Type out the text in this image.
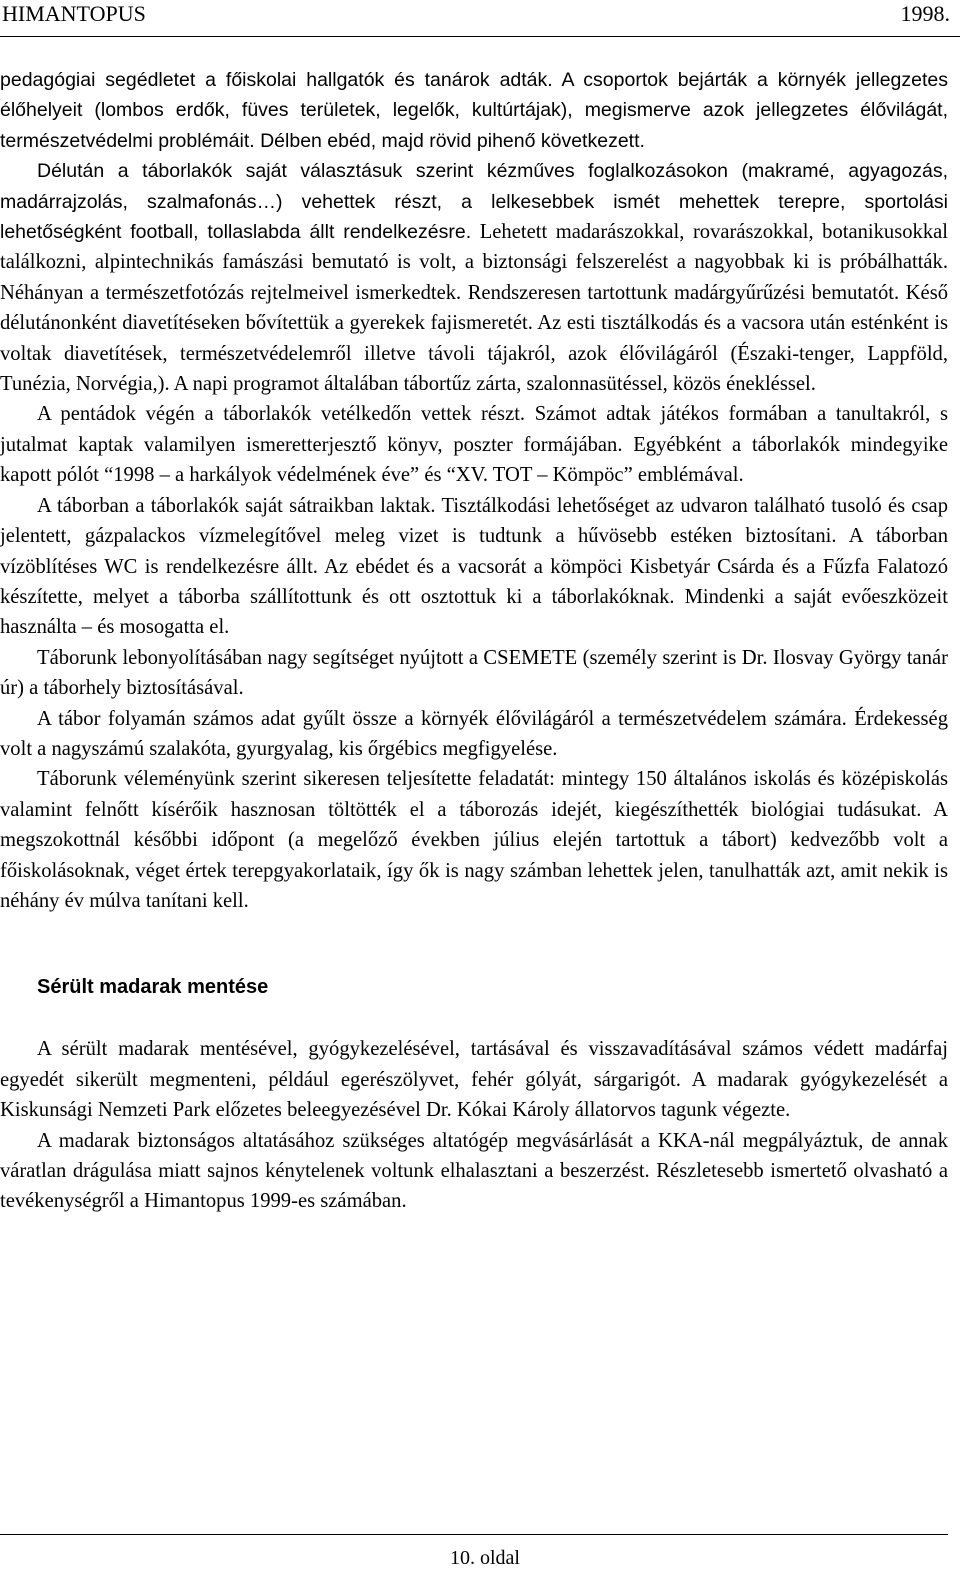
HIMANTOPUS	1998.

pedagógiai segédletet a főiskolai hallgatók és tanárok adták. A csoportok bejárták a környék jellegzetes élőhelyeit (lombos erdők, füves területek, legelők, kultúrtájak), megismerve azok jellegzetes élővilágát, természetvédelmi problémáit. Délben ebéd, majd rövid pihenő következett.

Délután a táborlakók saját választásuk szerint kézműves foglalkozásokon (makramé, agyagozás, madárrajzolás, szalmafonás…) vehettek részt, a lelkesebbek ismét mehettek terepre, sportolási lehetőségként football, tollaslabda állt rendelkezésre. Lehetett madarászokkal, rovarászokkal, botanikusokkal találkozni, alpintechnikás famászási bemutató is volt, a biztonsági felszerelést a nagyobbak ki is próbálhatták. Néhányan a természetfotózás rejtelmeivel ismerkedtek. Rendszeresen tartottunk madárgyűrűzési bemutatót. Késő délutánonként diavetítéseken bővítettük a gyerekek fajismeretét. Az esti tisztálkodás és a vacsora után esténként is voltak diavetítések, természetvédelemről illetve távoli tájakról, azok élővilágáról (Északi-tenger, Lappföld, Tunézia, Norvégia,). A napi programot általában tábortűz zárta, szalonnasütéssel, közös énekléssel.

A pentádok végén a táborlakók vetélkedőn vettek részt. Számot adtak játékos formában a tanultakról, s jutalmat kaptak valamilyen ismeretterjesztő könyv, poszter formájában. Egyébként a táborlakók mindegyike kapott pólót “1998 – a harkályok védelmének éve” és “XV. TOT – Kömpöc” emblémával.

A táborban a táborlakók saját sátraikban laktak. Tisztálkodási lehetőséget az udvaron található tusoló és csap jelentett, gázpalackos vízmelegítővel meleg vizet is tudtunk a hűvösebb estéken biztosítani. A táborban vízöblítéses WC is rendelkezésre állt. Az ebédet és a vacsorát a kömpöci Kisbetyár Csárda és a Fűzfa Falatozó készítette, melyet a táborba szállítottunk és ott osztottuk ki a táborlakóknak. Mindenki a saját evőeszközeit használta – és mosogatta el.

Táborunk lebonyolításában nagy segítséget nyújtott a CSEMETE (személy szerint is Dr. Ilosvay György tanár úr) a táborhely biztosításával.

A tábor folyamán számos adat gyűlt össze a környék élővilágáról a természetvédelem számára. Érdekesség volt a nagyszámú szalakóta, gyurgyalag, kis őrgébics megfigyelése.

Táborunk véleményünk szerint sikeresen teljesítette feladatát: mintegy 150 általános iskolás és középiskolás valamint felnőtt kísérőik hasznosan töltötték el a táborozás idejét, kiegészíthették biológiai tudásukat. A megszokottnál későbbi időpont (a megelőző években július elején tartottuk a tábort) kedvezőbb volt a főiskolásoknak, véget értek terepgyakorlataik, így ők is nagy számban lehettek jelen, tanulhatták azt, amit nekik is néhány év múlva tanítani kell.

Sérült madarak mentése

A sérült madarak mentésével, gyógykezelésével, tartásával és visszavadításával számos védett madárfaj egyedét sikerült megmenteni, például egerészölyvet, fehér gólyát, sárgarigót. A madarak gyógykezelését a Kiskunsági Nemzeti Park előzetes beleegyezésével Dr. Kókai Károly állatorvos tagunk végezte.

A madarak biztonságos altatásához szükséges altatógép megvásárlását a KKA-nál megpályáztuk, de annak váratlan drágulása miatt sajnos kénytelenek voltunk elhalasztani a beszerzést. Részletesebb ismertető olvasható a tevékenységről a Himantopus 1999-es számában.

10. oldal
